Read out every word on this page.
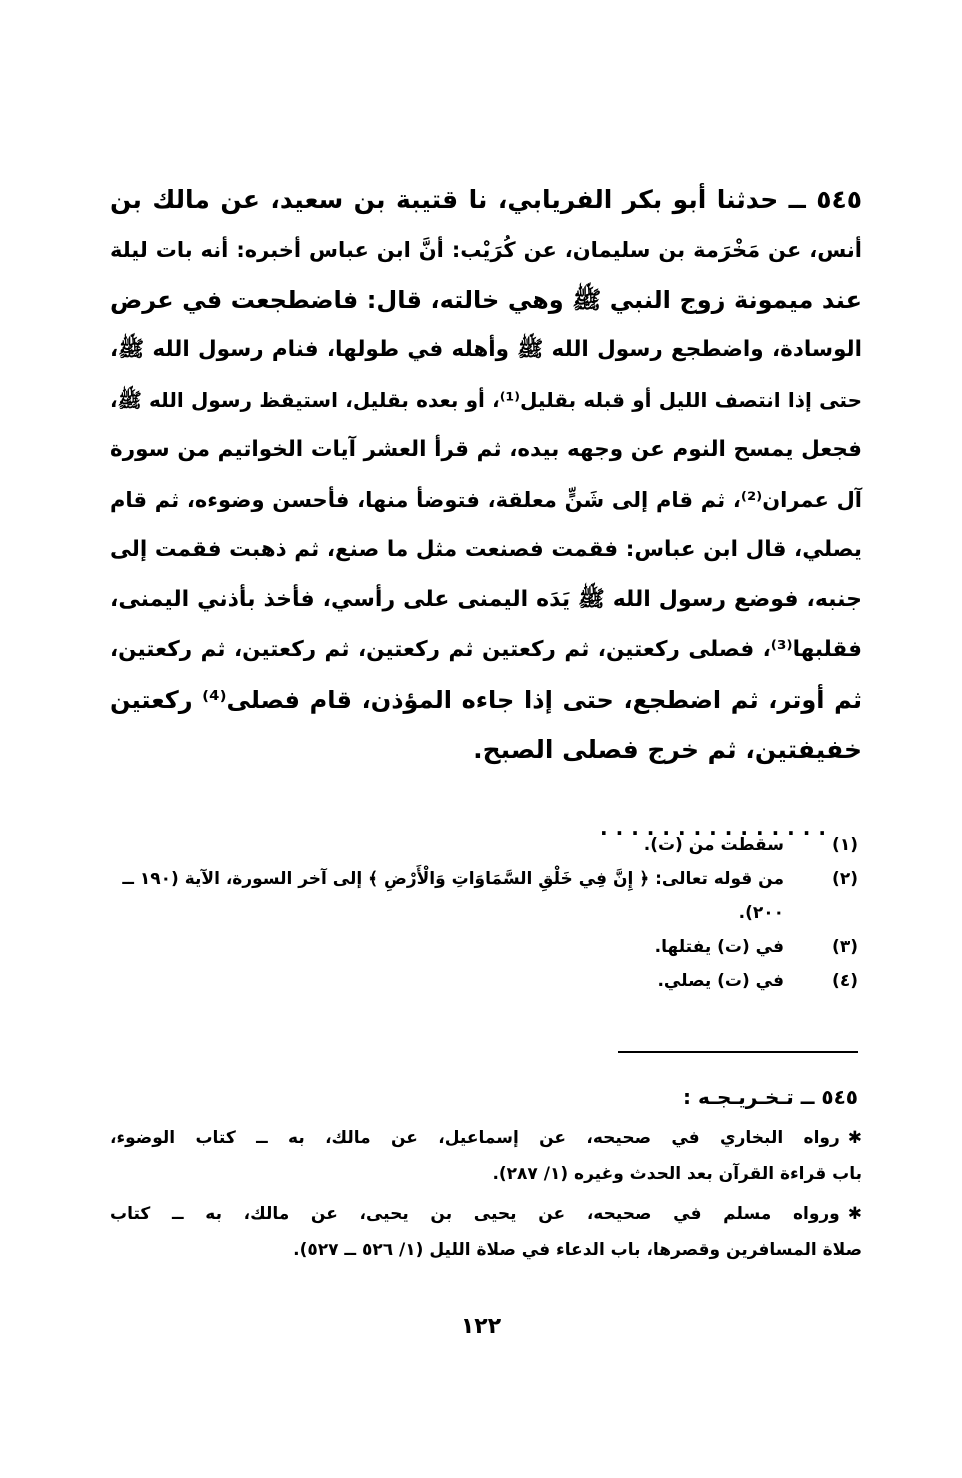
٥٤٥ ــ حدثنا أبو بكر الفريابي، نا قتيبة بن سعيد، عن مالك بن
أنس، عن مَخْرَمة بن سليمان، عن كُرَيْب: أنَّ ابن عباس أخبره: أنه بات ليلة
عند ميمونة زوج النبي ﷺ وهي خالته، قال: فاضطجعت في عرض
الوسادة، واضطجع رسول الله ﷺ وأهله في طولها، فنام رسول الله ﷺ،
حتى إذا انتصف الليل أو قبله بقليل⁽¹⁾، أو بعده بقليل، استيقظ رسول الله ﷺ،
فجعل يمسح النوم عن وجهه بيده، ثم قرأ العشر آيات الخواتيم من سورة
آل عمران⁽²⁾، ثم قام إلى شَنٍّ معلقة، فتوضأ منها، فأحسن وضوءه، ثم قام
يصلي، قال ابن عباس: فقمت فصنعت مثل ما صنع، ثم ذهبت فقمت إلى
جنبه، فوضع رسول الله ﷺ يَدَه اليمنى على رأسي، فأخذ بأذني اليمنى،
فقلبها⁽³⁾، فصلى ركعتين، ثم ركعتين ثم ركعتين، ثم ركعتين، ثم ركعتين،
ثم أوتر، ثم اضطجع، حتى إذا جاءه المؤذن، قام فصلى⁽⁴⁾ ركعتين
خفيفتين، ثم خرج فصلى الصبح.
...............
(١)
سقطت من (ت).
(٢)
من قوله تعالى: ﴿ إِنَّ فِي خَلْقِ السَّمَاوَاتِ وَالْأَرْضِ ﴾ إلى آخر السورة، الآية (١٩٠ ــ
٢٠٠).
(٣)
في (ت) يفتلها.
(٤)
في (ت) يصلي.
٥٤٥ ــ تـخـريـجـه :
✱رواه البخاري في صحيحه، عن إسماعيل، عن مالك، به ــ كتاب الوضوء،
باب قراءة القرآن بعد الحدث وغيره (١/ ٢٨٧).
✱ورواه مسلم في صحيحه، عن يحيى بن يحيى، عن مالك، به ــ كتاب
صلاة المسافرين وقصرها، باب الدعاء في صلاة الليل (١/ ٥٢٦ ــ ٥٢٧).
١٢٢
